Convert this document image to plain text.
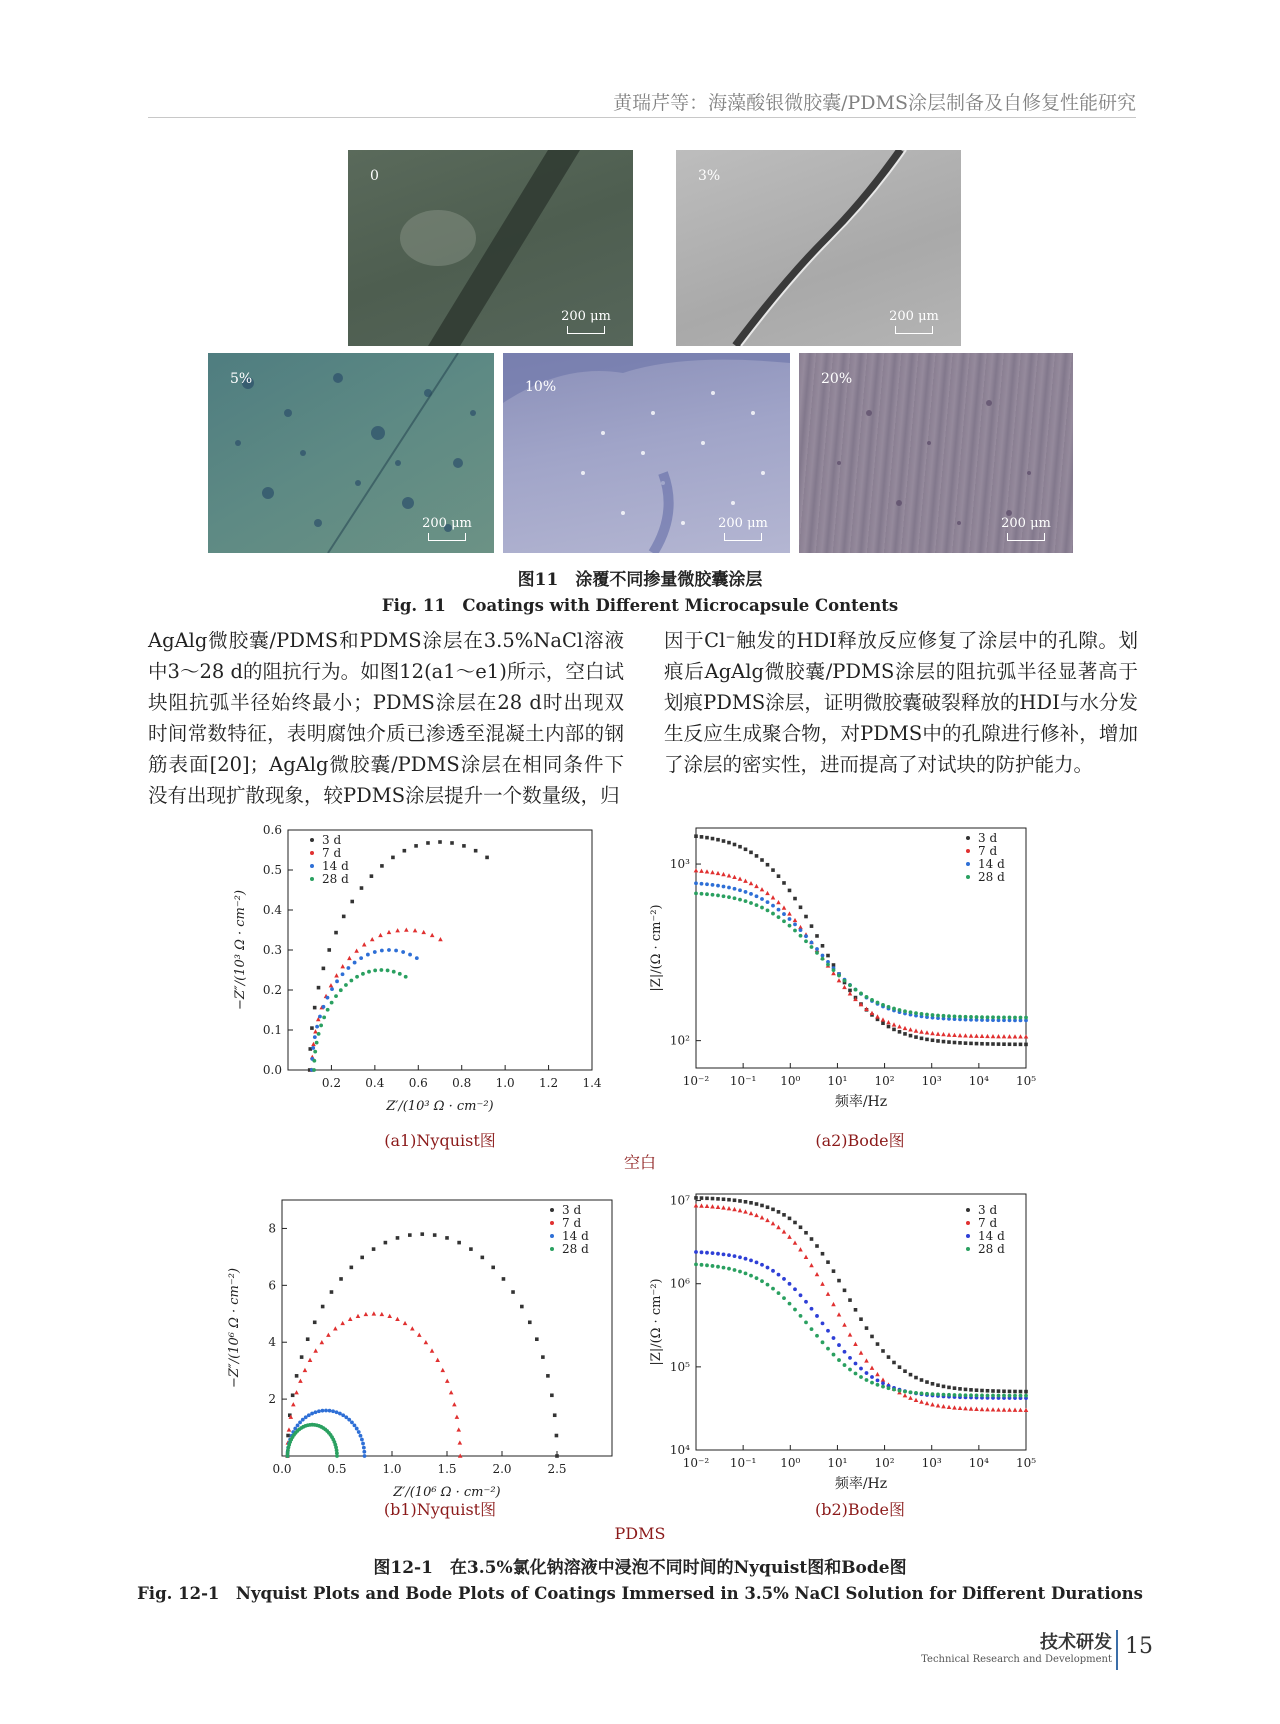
黄瑞芹等：海藻酸银微胶囊/PDMS涂层制备及自修复性能研究
0
200 μm
3%
200 μm
5%
200 μm
10%
200 μm
20%
200 μm
图11　涂覆不同掺量微胶囊涂层
Fig. 11　Coatings with Different Microcapsule Contents
AgAlg微胶囊/PDMS和PDMS涂层在3.5%NaCl溶液中3～28 d的阻抗行为。如图12(a1～e1)所示，空白试块阻抗弧半径始终最小；PDMS涂层在28 d时出现双时间常数特征，表明腐蚀介质已渗透至混凝土内部的钢筋表面[20]；AgAlg微胶囊/PDMS涂层在相同条件下没有出现扩散现象，较PDMS涂层提升一个数量级，归
因于Cl⁻触发的HDI释放反应修复了涂层中的孔隙。划痕后AgAlg微胶囊/PDMS涂层的阻抗弧半径显著高于划痕PDMS涂层，证明微胶囊破裂释放的HDI与水分发生反应生成聚合物，对PDMS中的孔隙进行修补，增加了涂层的密实性，进而提高了对试块的防护能力。
0.2 0.4 0.6 0.8 1.0 1.2 1.4
0.0
0.1
0.2
0.3
0.4
0.5
0.6
Z′/(10³ Ω · cm⁻²)
−Z″/(10³ Ω · cm⁻²)
3 d
7 d
14 d
28 d
10⁻² 10⁻¹ 10⁰ 10¹ 10² 10³ 10⁴ 10⁵
10²
10³
频率/Hz
|Z|/(Ω · cm⁻²)
3 d
7 d
14 d
28 d
(a1)Nyquist图	(a2)Bode图
空白
0.0	0.5	1.0	1.5	2.0	2.5
2
4
6
8
Z′/(10⁶ Ω · cm⁻²)
−Z″/(10⁶ Ω · cm⁻²)
3 d
7 d
14 d
28 d
10⁻² 10⁻¹ 10⁰ 10¹ 10² 10³ 10⁴ 10⁵
10⁴
10⁵
10⁶
10⁷
频率/Hz
|Z|/(Ω · cm⁻²)
3 d
7 d
14 d
28 d
(b1)Nyquist图	(b2)Bode图
PDMS
图12-1　在3.5%氯化钠溶液中浸泡不同时间的Nyquist图和Bode图
Fig. 12-1　Nyquist Plots and Bode Plots of Coatings Immersed in 3.5% NaCl Solution for Different Durations
技术研发
Technical Research and Development
15
